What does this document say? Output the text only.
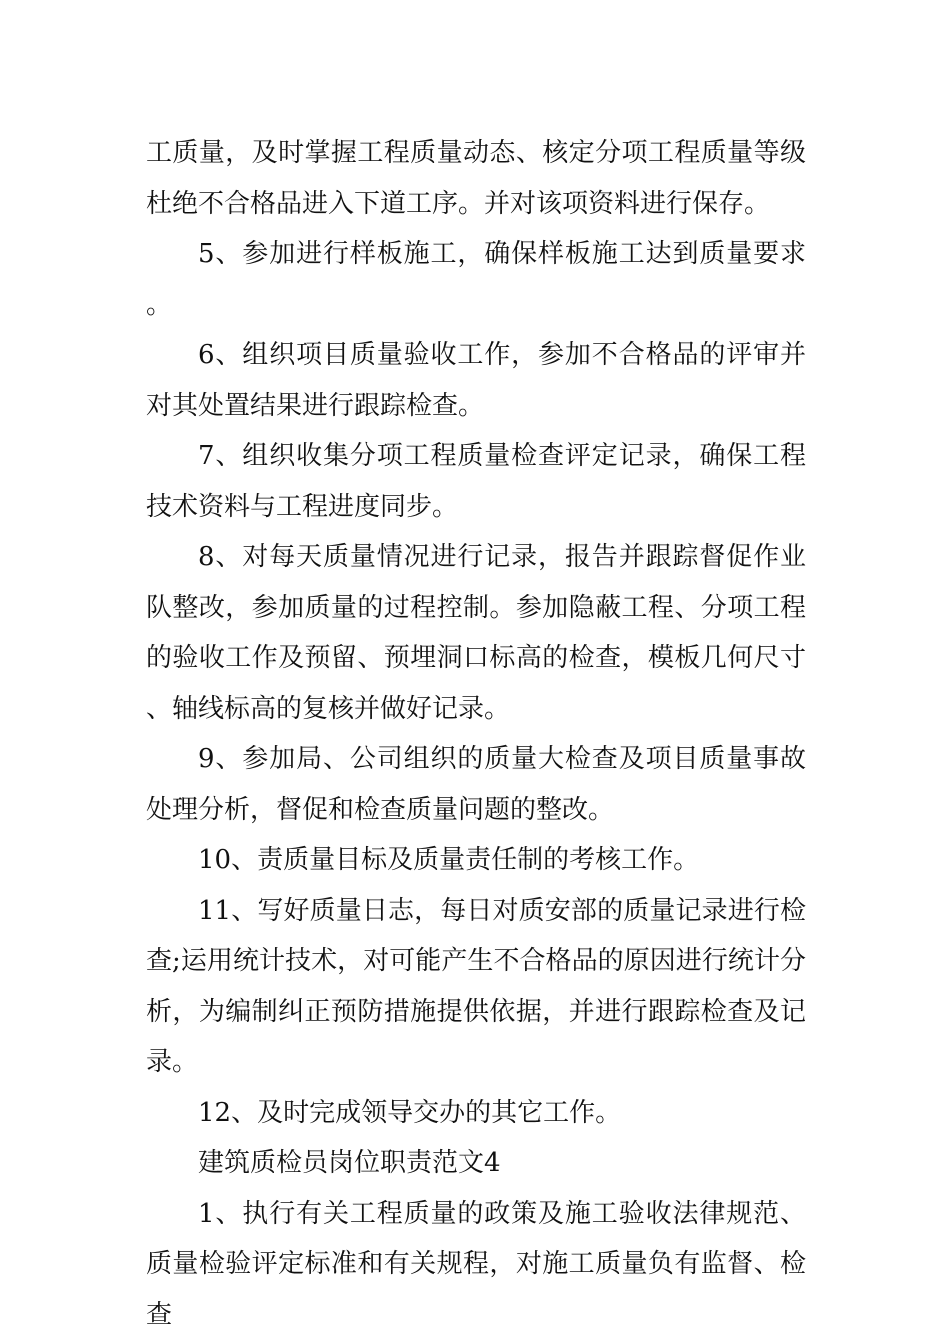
工质量，及时掌握工程质量动态、核定分项工程质量等级杜绝不合格品进入下道工序。并对该项资料进行保存。

5、参加进行样板施工，确保样板施工达到质量要求。

6、组织项目质量验收工作，参加不合格品的评审并对其处置结果进行跟踪检查。

7、组织收集分项工程质量检查评定记录，确保工程技术资料与工程进度同步。

8、对每天质量情况进行记录，报告并跟踪督促作业队整改，参加质量的过程控制。参加隐蔽工程、分项工程的验收工作及预留、预埋洞口标高的检查，模板几何尺寸、轴线标高的复核并做好记录。

9、参加局、公司组织的质量大检查及项目质量事故处理分析，督促和检查质量问题的整改。

10、责质量目标及质量责任制的考核工作。

11、写好质量日志，每日对质安部的质量记录进行检查;运用统计技术，对可能产生不合格品的原因进行统计分析，为编制纠正预防措施提供依据，并进行跟踪检查及记录。

12、及时完成领导交办的其它工作。

建筑质检员岗位职责范文4

1、执行有关工程质量的政策及施工验收法律规范、质量检验评定标准和有关规程，对施工质量负有监督、检查
